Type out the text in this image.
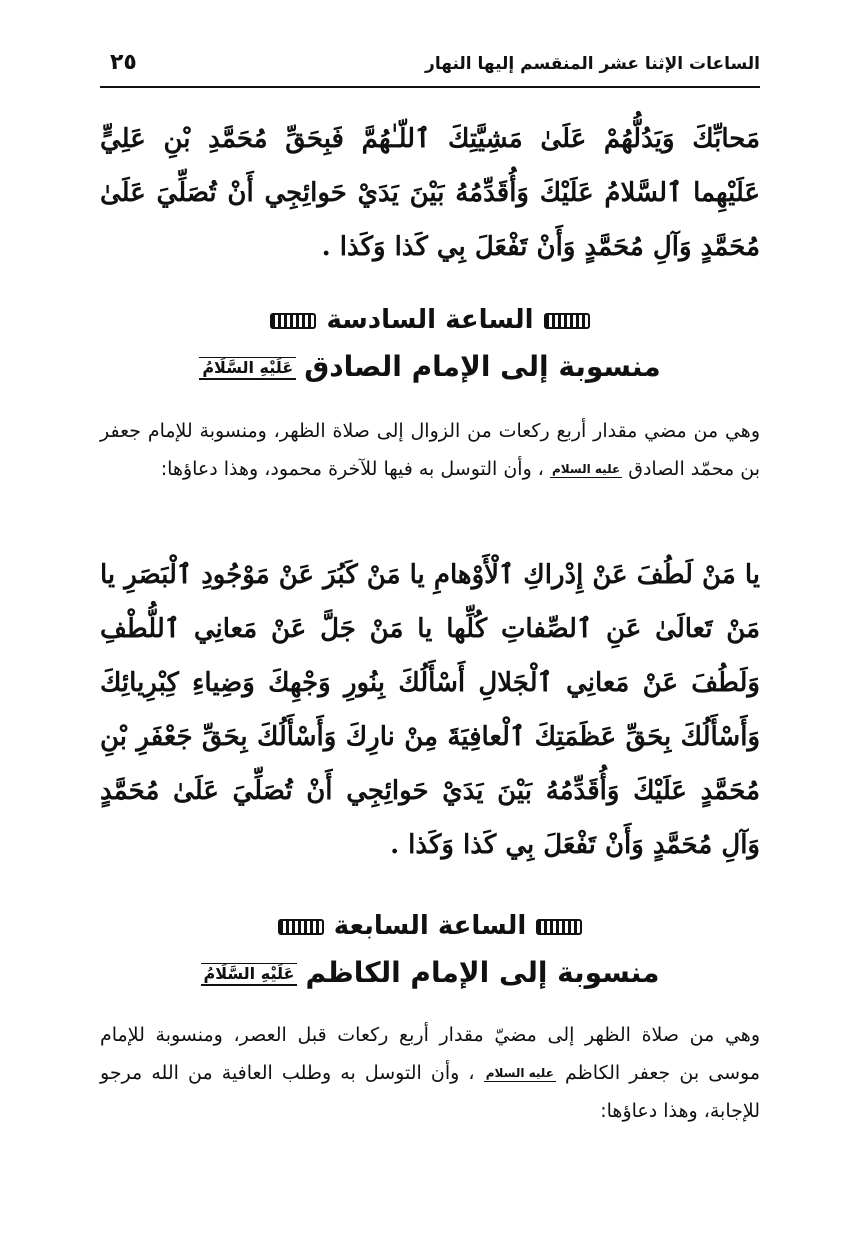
٢٥	الساعات الإثنا عشر المنقسم إليها النهار

مَحابِّكَ وَيَدُلُّهُمْ عَلَىٰ مَشِيَّتِكَ ٱللّـٰهُمَّ فَبِحَقِّ مُحَمَّدِ بْنِ عَلِيٍّ عَلَيْهِما ٱلسَّلامُ عَلَيْكَ وَأُقَدِّمُهُ بَيْنَ يَدَيْ حَوائِجِي أَنْ تُصَلِّيَ عَلَىٰ مُحَمَّدٍ وَآلِ مُحَمَّدٍ وَأَنْ تَفْعَلَ بِي كَذا وَكَذا .

الساعة السادسة
منسوبة إلى الإمام الصادقعَلَيْهِ السَّلَامُ

وهي من مضي مقدار أربع ركعات من الزوال إلى صلاة الظهر، ومنسوبة للإمام جعفر بن محمّد الصادق عليه السلام ، وأن التوسل به فيها للآخرة محمود، وهذا دعاؤها:

يا مَنْ لَطُفَ عَنْ إِدْراكِ ٱلْأَوْهامِ يا مَنْ كَبُرَ عَنْ مَوْجُودِ ٱلْبَصَرِ يا مَنْ تَعالَىٰ عَنِ ٱلصِّفاتِ كُلِّها يا مَنْ جَلَّ عَنْ مَعانِي ٱللُّطْفِ وَلَطُفَ عَنْ مَعانِي ٱلْجَلالِ أَسْأَلُكَ بِنُورِ وَجْهِكَ وَضِياءِ كِبْرِيائِكَ وَأَسْأَلُكَ بِحَقِّ عَظَمَتِكَ ٱلْعافِيَةَ مِنْ نارِكَ وَأَسْأَلُكَ بِحَقِّ جَعْفَرِ بْنِ مُحَمَّدٍ عَلَيْكَ وَأُقَدِّمُهُ بَيْنَ يَدَيْ حَوائِجِي أَنْ تُصَلِّيَ عَلَىٰ مُحَمَّدٍ وَآلِ مُحَمَّدٍ وَأَنْ تَفْعَلَ بِي كَذا وَكَذا .

الساعة السابعة
منسوبة إلى الإمام الكاظمعَلَيْهِ السَّلَامُ

وهي من صلاة الظهر إلى مضيّ مقدار أربع ركعات قبل العصر، ومنسوبة للإمام موسى بن جعفر الكاظم عليه السلام ، وأن التوسل به وطلب العافية من الله مرجو للإجابة، وهذا دعاؤها:
